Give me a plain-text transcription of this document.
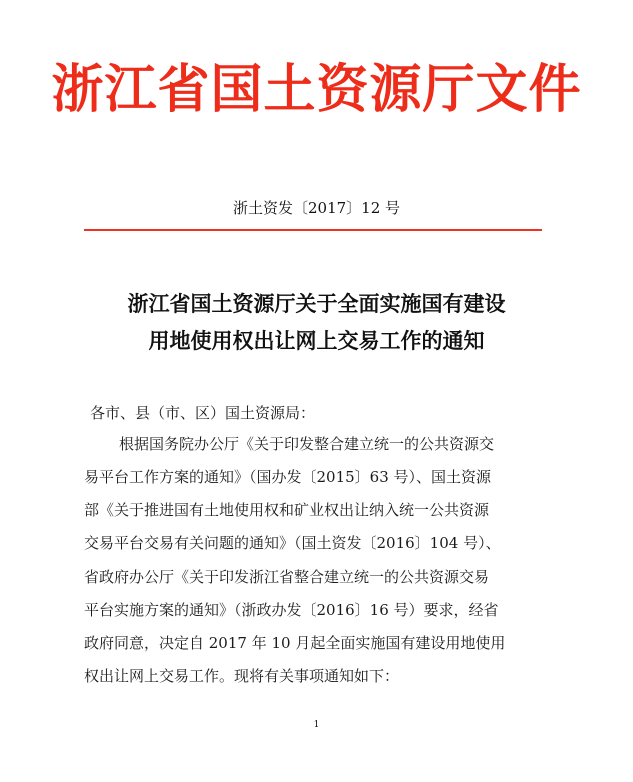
浙江省国土资源厅文件
浙土资发〔2017〕12 号
浙江省国土资源厅关于全面实施国有建设
用地使用权出让网上交易工作的通知
各市、县（市、区）国土资源局：
根据国务院办公厅《关于印发整合建立统一的公共资源交
易平台工作方案的通知》（国办发〔2015〕63 号）、国土资源
部《关于推进国有土地使用权和矿业权出让纳入统一公共资源
交易平台交易有关问题的通知》（国土资发〔2016〕104 号）、
省政府办公厅《关于印发浙江省整合建立统一的公共资源交易
平台实施方案的通知》（浙政办发〔2016〕16 号）要求，经省
政府同意，决定自 2017 年 10 月起全面实施国有建设用地使用
权出让网上交易工作。现将有关事项通知如下：
1
